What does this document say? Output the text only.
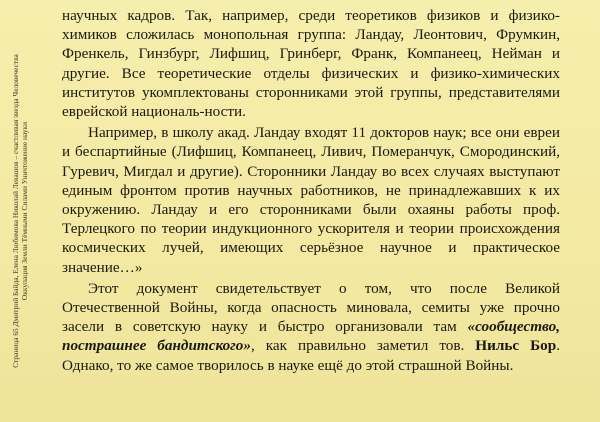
Страница 65 Дмитрий Байда, Елена Любимова Николай Левашов – счастливая звезда Человечества Оккупация Земли Тёмными Силами Уничтожение науки

научных кадров. Так, например, среди теоретиков физиков и физико-химиков сложилась монопольная группа: Ландау, Леонтович, Фрумкин, Френкель, Гинзбург, Лифшиц, Гринберг, Франк, Компанеец, Нейман и другие. Все теоретические отделы физических и физико-химических институтов укомплектованы сторонниками этой группы, представителями еврейской националь-ности.

Например, в школу акад. Ландау входят 11 докторов наук; все они евреи и беспартийные (Лифшиц, Компанеец, Ливич, Померанчук, Смородинский, Гуревич, Мигдал и другие). Сторонники Ландау во всех случаях выступают единым фронтом против научных работников, не принадлежавших к их окружению. Ландау и его сторонниками были охаяны работы проф. Терлецкого по теории индукционного ускорителя и теории происхождения космических лучей, имеющих серьёзное научное и практическое значение…»

Этот документ свидетельствует о том, что после Великой Отечественной Войны, когда опасность миновала, семиты уже прочно засели в советскую науку и быстро организовали там «сообщество, пострашнее бандитского», как правильно заметил тов. Нильс Бор. Однако, то же самое творилось в науке ещё до этой страшной Войны.
